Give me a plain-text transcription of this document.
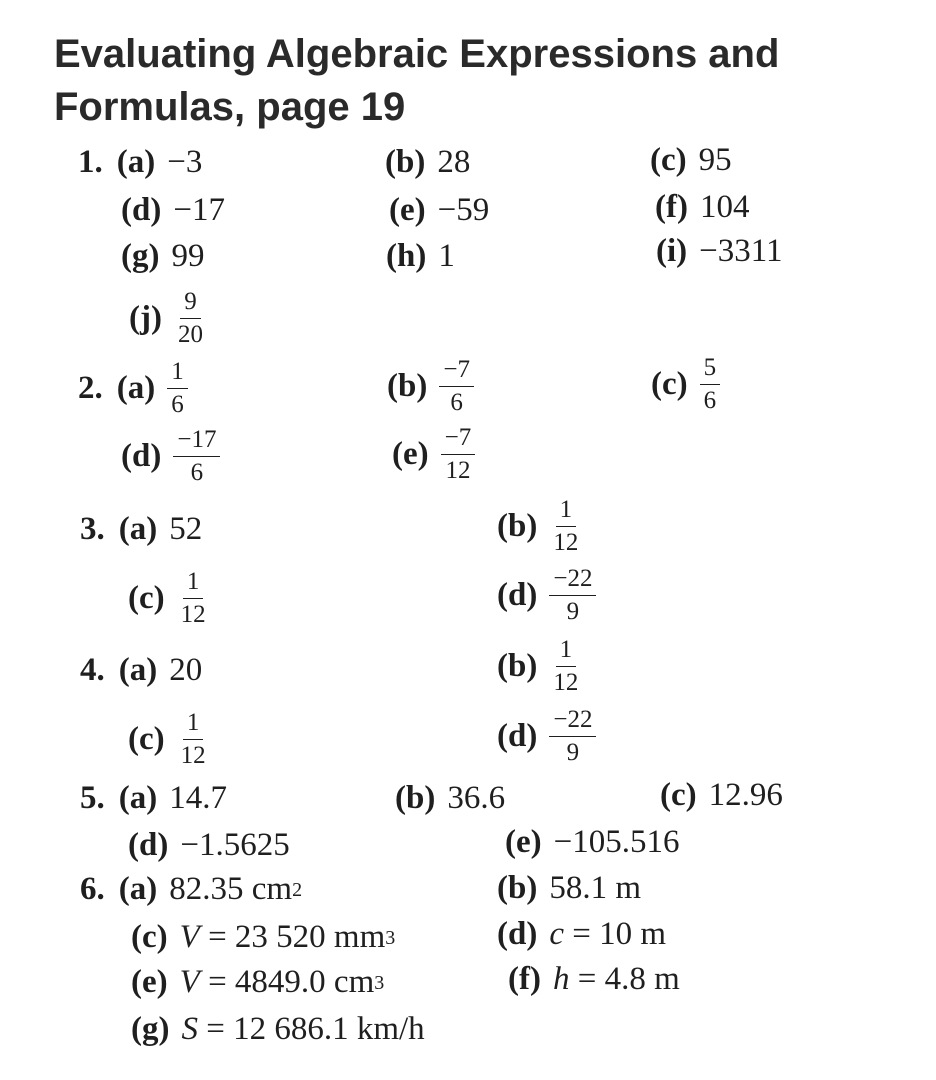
Evaluating Algebraic Expressions and
Formulas, page 19
1. (a) −3	(b) 28	(c) 95
(d) −17	(e) −59	(f) 104
(g) 99	(h) 1	(i) −3311
$(j) \frac{9}{20}$
2. $(a) \frac{1}{6}$	$(b) \frac{-7}{6}$	$(c) \frac{5}{6}$
$(d) \frac{-17}{6}$	$(e) \frac{-7}{12}$
3. (a) 52	$(b) \frac{1}{12}$
$(c) \frac{1}{12}$	$(d) \frac{-22}{9}$
4. (a) 20	$(b) \frac{1}{12}$
$(c) \frac{1}{12}$	$(d) \frac{-22}{9}$
5. (a) 14.7	(b) 36.6	(c) 12.96
(d) −1.5625	(e) −105.516
6. (a) 82.35 cm 2	(b) 58.1 m
(c) V = 23 520 mm 3	(d) c = 10 m
(e) V = 4849.0 cm 3	(f) h = 4.8 m
(g) S = 12 686.1 km/h
